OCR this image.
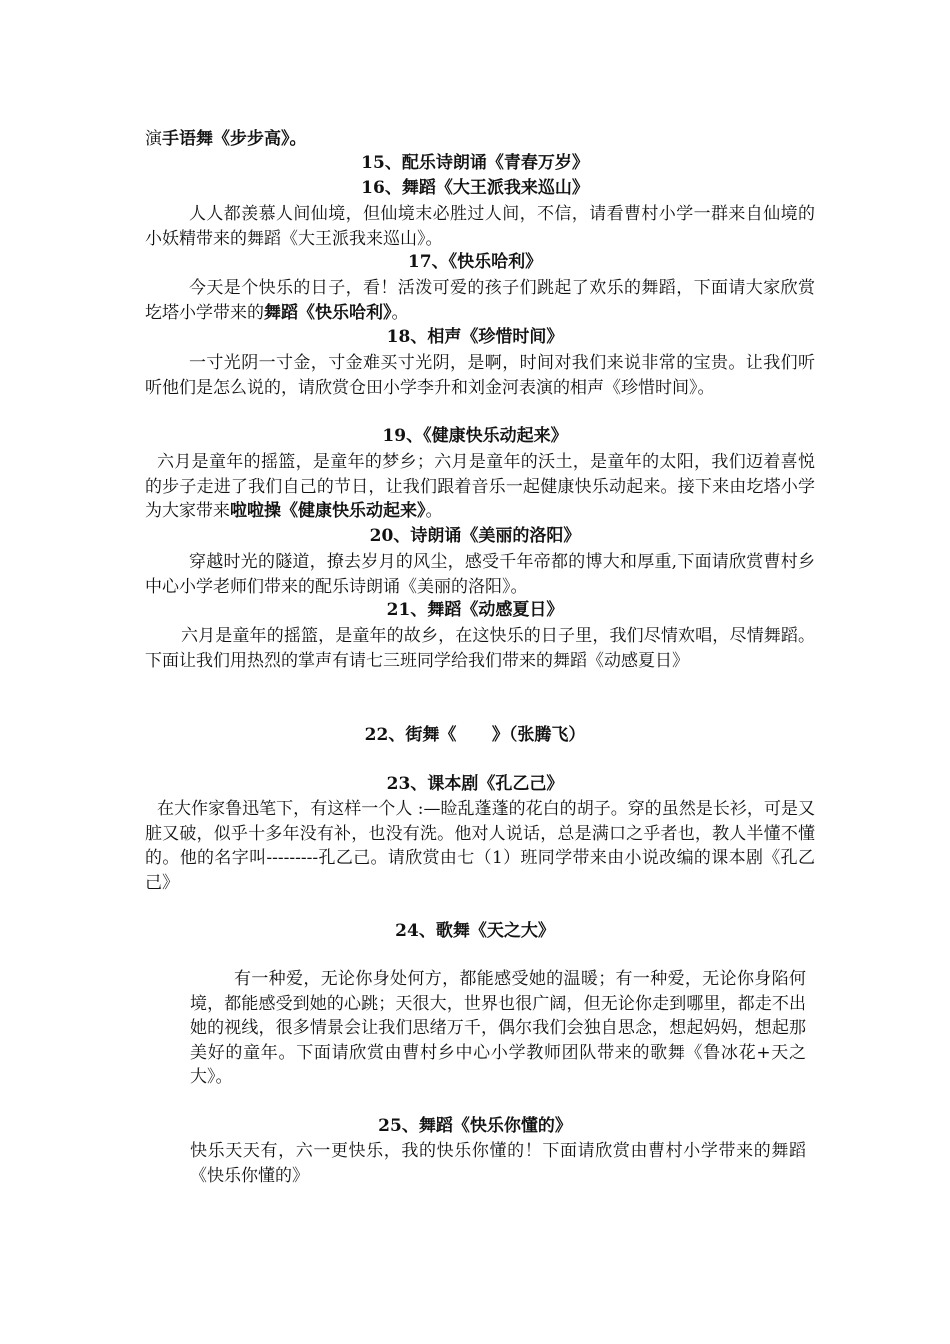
演手语舞《步步高》。
15、配乐诗朗诵《青春万岁》
16、舞蹈《大王派我来巡山》
人人都羡慕人间仙境，但仙境末必胜过人间，不信，请看曹村小学一群来自仙境的小妖精带来的舞蹈《大王派我来巡山》。
17、《快乐哈利》
今天是个快乐的日子，看！活泼可爱的孩子们跳起了欢乐的舞蹈，下面请大家欣赏圪塔小学带来的舞蹈《快乐哈利》。
18、相声《珍惜时间》
一寸光阴一寸金，寸金难买寸光阴，是啊，时间对我们来说非常的宝贵。让我们听听他们是怎么说的，请欣赏仓田小学李升和刘金河表演的相声《珍惜时间》。
19、《健康快乐动起来》
六月是童年的摇篮，是童年的梦乡；六月是童年的沃土，是童年的太阳，我们迈着喜悦的步子走进了我们自己的节日，让我们跟着音乐一起健康快乐动起来。接下来由圪塔小学为大家带来啦啦操《健康快乐动起来》。
20、诗朗诵《美丽的洛阳》
穿越时光的隧道，撩去岁月的风尘，感受千年帝都的博大和厚重,下面请欣赏曹村乡中心小学老师们带来的配乐诗朗诵《美丽的洛阳》。
21、舞蹈《动感夏日》
六月是童年的摇篮，是童年的故乡，在这快乐的日子里，我们尽情欢唱，尽情舞蹈。下面让我们用热烈的掌声有请七三班同学给我们带来的舞蹈《动感夏日》
22、街舞《      》（张腾飞）
23、课本剧《孔乙己》
在大作家鲁迅笔下，有这样一个人 :—睑乱蓬蓬的花白的胡子。穿的虽然是长衫，可是又脏又破，似乎十多年没有补，也没有洗。他对人说话，总是满口之乎者也，教人半懂不懂的。他的名字叫---------孔乙己。请欣赏由七（1）班同学带来由小说改编的课本剧《孔乙己》
24、歌舞《天之大》
有一种爱，无论你身处何方，都能感受她的温暖；有一种爱，无论你身陷何境，都能感受到她的心跳；天很大，世界也很广阔，但无论你走到哪里，都走不出她的视线，很多情景会让我们思绪万千，偶尔我们会独自思念，想起妈妈，想起那美好的童年。下面请欣赏由曹村乡中心小学教师团队带来的歌舞《鲁冰花+天之大》。
25、舞蹈《快乐你懂的》
快乐天天有，六一更快乐，我的快乐你懂的！下面请欣赏由曹村小学带来的舞蹈《快乐你懂的》
